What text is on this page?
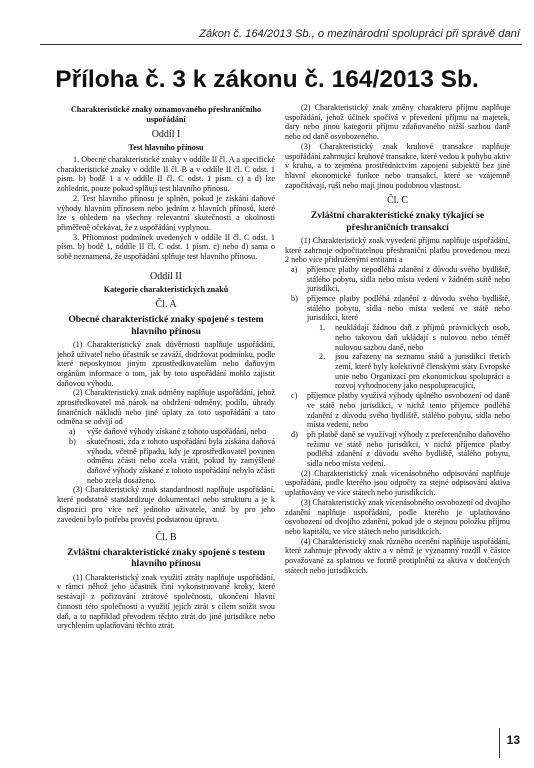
Zákon č. 164/2013 Sb., o mezinárodní spolupráci při správě daní
Příloha č. 3 k zákonu č. 164/2013 Sb.

Charakteristické znaky oznamovaného přeshraničního uspořádání

Oddíl I

Test hlavního přínosu

1. Obecné charakteristické znaky v oddíle II čl. A a specifické charakteristické znaky v oddíle II čl. B a v oddíle II čl. C odst. 1 písm. b) bodě 1 a v oddíle II čl. C odst. 1 písm. c) a d) lze zohlednit, pouze pokud splňují test hlavního přínosu.

2. Test hlavního přínosu je splněn, pokud je získání daňové výhody hlavním přínosem nebo jedním z hlavních přínosů, které lze s ohledem na všechny relevantní skutečnosti a okolnosti přiměřeně očekávat, že z uspořádání vyplynou.

3. Přítomnost podmínek uvedených v oddíle II čl. C odst. 1 písm. b) bodě 1, oddíle II čl. C odst. 1 písm. c) nebo d) sama o sobě neznamená, že uspořádání splňuje test hlavního přínosu.

Oddíl II

Kategorie charakteristických znaků

Čl. A

Obecné charakteristické znaky spojené s testem hlavního přínosu

(1) Charakteristický znak důvěrnosti naplňuje uspořádání, jehož uživatel nebo účastník se zaváží, dodržovat podmínku, podle které neposkytnou jiným zprostředkovatelům nebo daňovým orgánům informace o tom, jak by toto uspořádání mohlo zajistit daňovou výhodu.

(2) Charakteristický znak odměny naplňuje uspořádání, jehož zprostředkovatel má nárok na obdržení odměny, podílu, úhrady finančních nákladů nebo jiné úplaty za toto uspořádání a tato odměna se odvíjí od

a) výše daňové výhody získané z tohoto uspořádání, nebo
b) skutečnosti, zda z tohoto uspořádání byla získána daňová výhoda, včetně případu, kdy je zprostředkovatel povinen odměnu zčásti nebo zcela vrátit, pokud by zamýšlené daňové výhody získané z tohoto uspořádání nebylo zčásti nebo zcela dosaženo.

(3) Charakteristický znak standardnosti naplňuje uspořádání, které podstatně standardizuje dokumentaci nebo strukturu a je k dispozici pro více než jednoho uživatele, aniž by pro jeho zavedení bylo potřeba provést podstatnou úpravu.

Čl. B

Zvláštní charakteristické znaky spojené s testem hlavního přínosu

(1) Charakteristický znak využití ztráty naplňuje uspořádání, v rámci něhož jeho účastník činí vykonstruované kroky, které sestávají z pořizování ztrátové společnosti, ukončení hlavní činnosti této společnosti a využití jejích ztrát s cílem snížit svou daň, a to například převodem těchto ztrát do jiné jurisdikce nebo urychlením uplatňování těchto ztrát.

(2) Charakteristický znak změny charakteru příjmu naplňuje uspořádání, jehož účinek spočívá v převedení příjmu na majetek, dary nebo jinou kategorii příjmu zdaňovaného nižší sazbou daně nebo od daně osvobozeného.

(3) Charakteristický znak kruhové transakce naplňuje uspořádání zahrnující kruhové transakce, které vedou k pohybu aktiv v kruhu, a to zejména prostřednictvím zapojení subjektů bez jiné hlavní ekonomické funkce nebo transakcí, které se vzájemně započítávají, ruší nebo mají jinou podobnou vlastnost.

Čl. C

Zvláštní charakteristické znaky týkající se přeshraničních transakcí

(1) Charakteristický znak vyvedení příjmu naplňuje uspořádání, které zahrnuje odpočitatelnou přeshraniční platbu provedenou mezi 2 nebo více přidruženými entitami a

a) příjemce platby nepodléhá zdanění z důvodu svého bydliště, stálého pobytu, sídla nebo místa vedení v žádném státě nebo jurisdikci,
b) příjemce platby podléhá zdanění z důvodu svého bydliště, stálého pobytu, sídla nebo místa vedení ve státě nebo jurisdikci, které
1. neukládají žádnou daň z příjmů právnických osob, nebo takovou daň ukládají s nulovou nebo téměř nulovou sazbou daně, nebo
2. jsou zařazeny na seznamu států a jurisdikcí třetích zemí, které byly kolektivně členskými státy Evropské unie nebo Organizací pro ekonomickou spolupráci a rozvoj vyhodnoceny jako nespolupracující,
c) příjemce platby využívá výhody úplného osvobození od daně ve státě nebo jurisdikci, v nichž tento příjemce podléhá zdanění z důvodu svého bydliště, stálého pobytu, sídla nebo místa vedení, nebo
d) při platbě daně se využívají výhody z preferenčního daňového režimu ve státě nebo jurisdikci, v nichž příjemce platby podléhá zdanění z důvodu svého bydliště, stálého pobytu, sídla nebo místa vedení.

(2) Charakteristický znak vícenásobného odpisování naplňuje uspořádání, podle kterého jsou odpočty za stejné odpisování aktiva uplatňovány ve více státech nebo jurisdikcích.

(3) Charakteristický znak vícenásobného osvobození od dvojího zdanění naplňuje uspořádání, podle kterého je uplatňováno osvobození od dvojího zdanění, pokud jde o stejnou položku příjmu nebo kapitálu, ve více státech nebo jurisdikcích.

(4) Charakteristický znak různého ocenění naplňuje uspořádání, které zahrnuje převody aktiv a v němž je významný rozdíl v částce považované za splatnou ve formě protiplnění za aktiva v dotčených státech nebo jurisdikcích.

13
